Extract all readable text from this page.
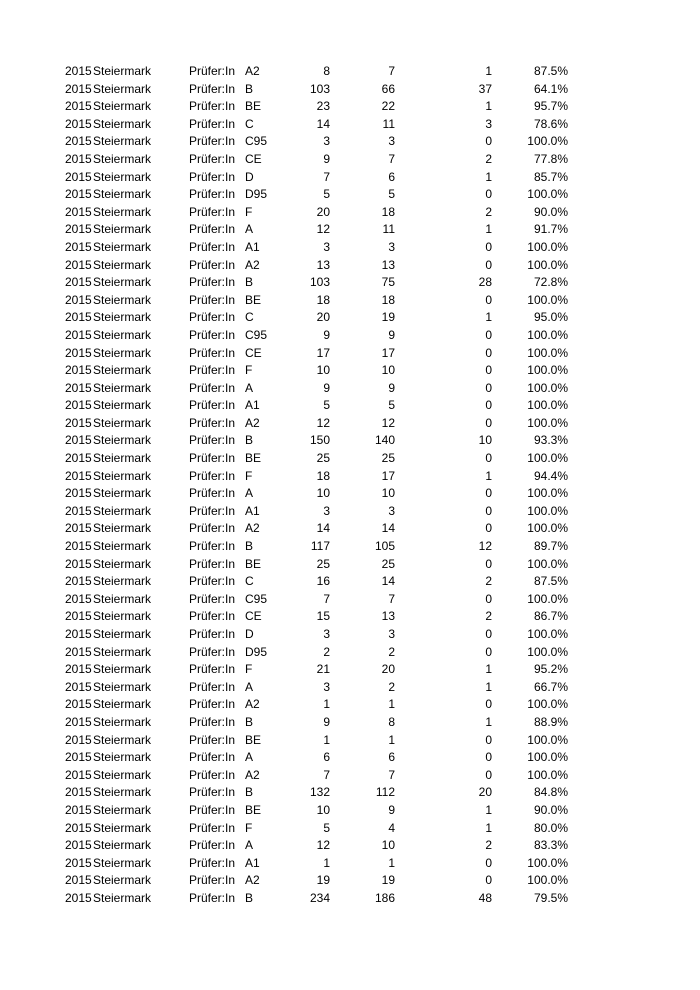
2015 Steiermark	Prüfer:In A2	8	7	1	87.5%
2015 Steiermark	Prüfer:In B	103	66	37	64.1%
2015 Steiermark	Prüfer:In BE	23	22	1	95.7%
2015 Steiermark	Prüfer:In C	14	11	3	78.6%
2015 Steiermark	Prüfer:In C95	3	3	0	100.0%
2015 Steiermark	Prüfer:In CE	9	7	2	77.8%
2015 Steiermark	Prüfer:In D	7	6	1	85.7%
2015 Steiermark	Prüfer:In D95	5	5	0	100.0%
2015 Steiermark	Prüfer:In F	20	18	2	90.0%
2015 Steiermark	Prüfer:In A	12	11	1	91.7%
2015 Steiermark	Prüfer:In A1	3	3	0	100.0%
2015 Steiermark	Prüfer:In A2	13	13	0	100.0%
2015 Steiermark	Prüfer:In B	103	75	28	72.8%
2015 Steiermark	Prüfer:In BE	18	18	0	100.0%
2015 Steiermark	Prüfer:In C	20	19	1	95.0%
2015 Steiermark	Prüfer:In C95	9	9	0	100.0%
2015 Steiermark	Prüfer:In CE	17	17	0	100.0%
2015 Steiermark	Prüfer:In F	10	10	0	100.0%
2015 Steiermark	Prüfer:In A	9	9	0	100.0%
2015 Steiermark	Prüfer:In A1	5	5	0	100.0%
2015 Steiermark	Prüfer:In A2	12	12	0	100.0%
2015 Steiermark	Prüfer:In B	150	140	10	93.3%
2015 Steiermark	Prüfer:In BE	25	25	0	100.0%
2015 Steiermark	Prüfer:In F	18	17	1	94.4%
2015 Steiermark	Prüfer:In A	10	10	0	100.0%
2015 Steiermark	Prüfer:In A1	3	3	0	100.0%
2015 Steiermark	Prüfer:In A2	14	14	0	100.0%
2015 Steiermark	Prüfer:In B	117	105	12	89.7%
2015 Steiermark	Prüfer:In BE	25	25	0	100.0%
2015 Steiermark	Prüfer:In C	16	14	2	87.5%
2015 Steiermark	Prüfer:In C95	7	7	0	100.0%
2015 Steiermark	Prüfer:In CE	15	13	2	86.7%
2015 Steiermark	Prüfer:In D	3	3	0	100.0%
2015 Steiermark	Prüfer:In D95	2	2	0	100.0%
2015 Steiermark	Prüfer:In F	21	20	1	95.2%
2015 Steiermark	Prüfer:In A	3	2	1	66.7%
2015 Steiermark	Prüfer:In A2	1	1	0	100.0%
2015 Steiermark	Prüfer:In B	9	8	1	88.9%
2015 Steiermark	Prüfer:In BE	1	1	0	100.0%
2015 Steiermark	Prüfer:In A	6	6	0	100.0%
2015 Steiermark	Prüfer:In A2	7	7	0	100.0%
2015 Steiermark	Prüfer:In B	132	112	20	84.8%
2015 Steiermark	Prüfer:In BE	10	9	1	90.0%
2015 Steiermark	Prüfer:In F	5	4	1	80.0%
2015 Steiermark	Prüfer:In A	12	10	2	83.3%
2015 Steiermark	Prüfer:In A1	1	1	0	100.0%
2015 Steiermark	Prüfer:In A2	19	19	0	100.0%
2015 Steiermark	Prüfer:In B	234	186	48	79.5%
